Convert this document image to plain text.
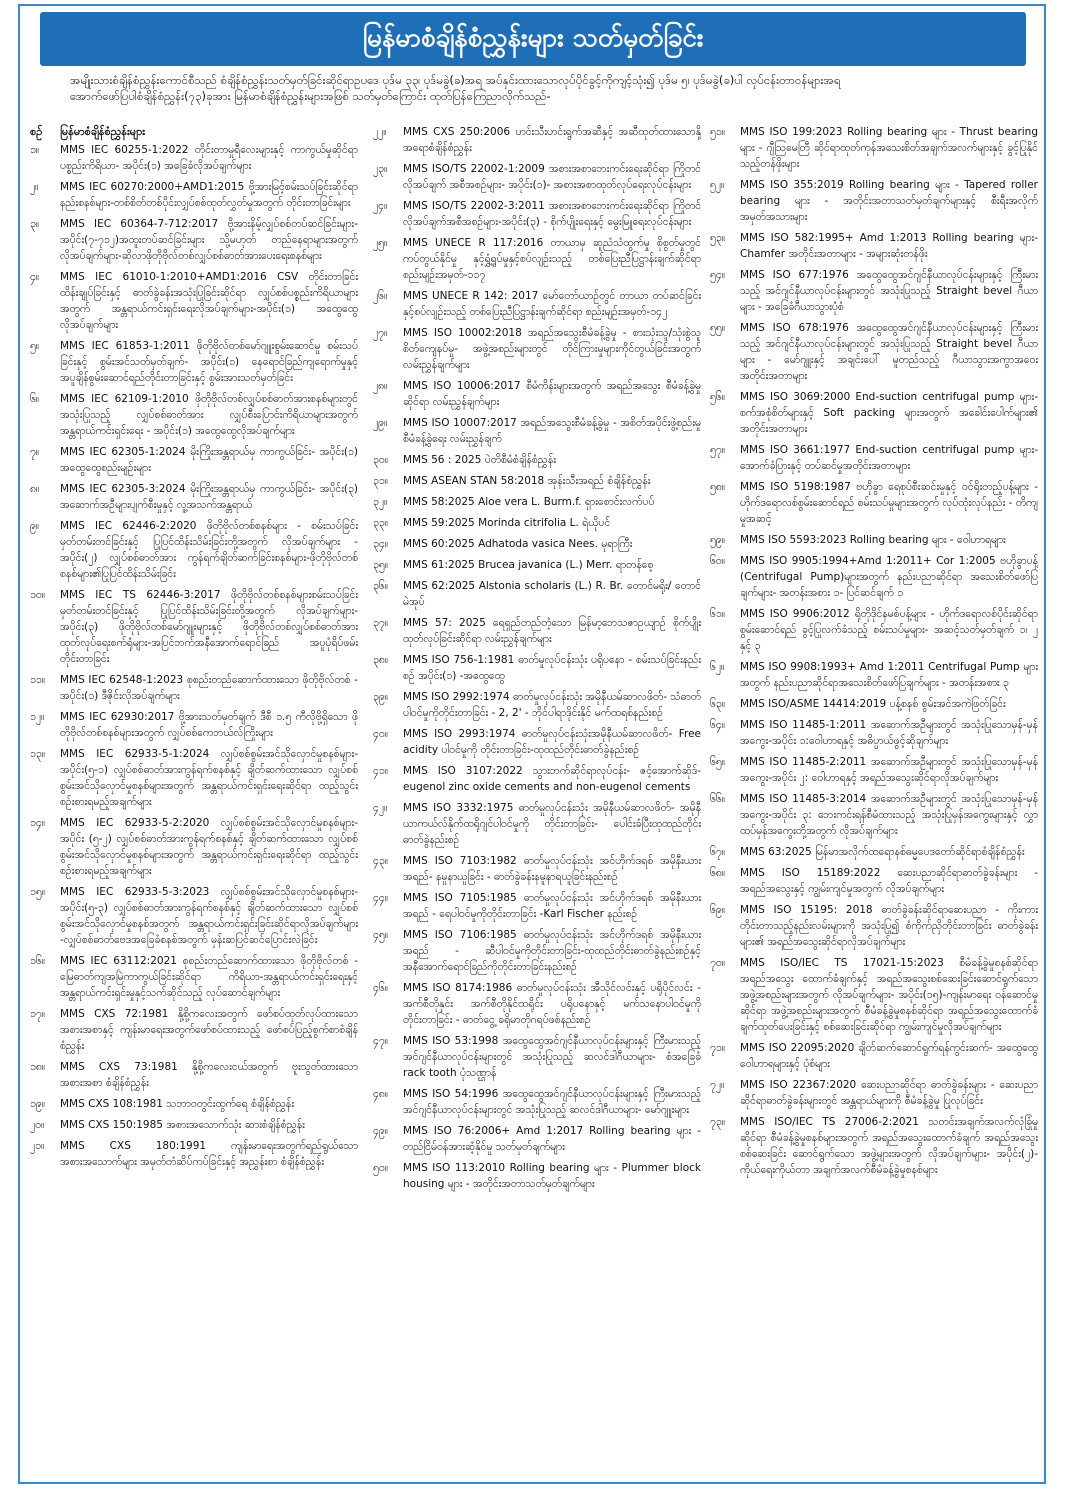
မြန်မာစံချိန်စံညွှန်းများ သတ်မှတ်ခြင်း

အမျိုးသားစံချိန်စံညွှန်းကောင်စီသည် စံချိန်စံညွှန်းသတ်မှတ်ခြင်းဆိုင်ရာဥပဒေ ပုဒ်မ ၃၃၊ ပုဒ်မခွဲ(ခ)အရ အပ်နှင်းထားသောလုပ်ပိုင်ခွင့်ကိုကျင့်သုံး၍ ပုဒ်မ ၅၊ ပုဒ်မခွဲ(ခ)ပါ လုပ်ငန်းတာဝန်များအရ

အောက်ဖော်ပြပါစံချိန်စံညွှန်း(၇၃)ခုအား မြန်မာစံချိန်စံညွှန်းများအဖြစ် သတ်မှတ်ကြောင်း ထုတ်ပြန်ကြေညာလိုက်သည်-

စဉ်	မြန်မာစံချိန်စံညွှန်းများ
၁။	MMS IEC 60255-1:2022 တိုင်းတာမှုရီလေးများနှင့် ကာကွယ်မှုဆိုင်ရာပစ္စည်းကိရိယာ- အပိုင်း(၁) အခြေခံလိုအပ်ချက်များ
၂။	MMS IEC 60270:2000+AMD1:2015 ဗို့အားမြင့်စမ်းသပ်ခြင်းဆိုင်ရာနည်းစနစ်များ-တစ်စိတ်တစ်ပိုင်းလျှပ်စစ်ထုတ်လွှတ်မှုအတွက် တိုင်းတာခြင်းများ
၃။	MMS IEC 60364-7-712:2017 ဗို့အားနိမ့်လျှပ်စစ်တပ်ဆင်ခြင်းများ- အပိုင်း(၇-၇၁၂)အထူးတပ်ဆင်ခြင်းများ သို့မဟုတ် တည်နေရာများအတွက် လိုအပ်ချက်များ-ဆိုလာဖိုတိုဗိုလ်တစ်လျှပ်စစ်ဓာတ်အားပေးရေးစနစ်များ
၄။	MMS IEC 61010-1:2010+AMD1:2016 CSV တိုင်းတာခြင်း ထိန်းချုပ်ခြင်းနှင့် ဓာတ်ခွဲခန်းအသုံးပြုခြင်းဆိုင်ရာ လျှပ်စစ်ပစ္စည်းကိရိယာများအတွက် အန္တရာယ်ကင်းရှင်းရေးလိုအပ်ချက်များ-အပိုင်း(၁) အထွေထွေလိုအပ်ချက်များ
၅။	MMS IEC 61853-1:2011 ဖိုတိုဗိုလ်တစ်မော်ဂျူးစွမ်းဆောင်မှု စမ်းသပ်ခြင်းနှင့် စွမ်းအင်သတ်မှတ်ချက်- အပိုင်း(၁) နေရောင်ခြည်ကျရောက်မှုနှင့် အပူချိန်စွမ်းဆောင်ရည်တိုင်းတာခြင်းနှင့် စွမ်းအားသတ်မှတ်ခြင်း
၆။	MMS IEC 62109-1:2010 ဖိုတိုဗိုလ်တစ်လျှပ်စစ်ဓာတ်အားစနစ်များတွင် အသုံးပြုသည့် လျှပ်စစ်ဓာတ်အား လျှပ်စီးပြောင်းကိရိယာများအတွက် အန္တရာယ်ကင်းရှင်းရေး - အပိုင်း(၁) အထွေထွေလိုအပ်ချက်များ
၇။	MMS IEC 62305-1:2024 မိုးကြိုးအန္တရာယ်မှ ကာကွယ်ခြင်း- အပိုင်း(၁) အထွေထွေစည်းမျဉ်းများ
၈။	MMS IEC 62305-3:2024 မိုးကြိုးအန္တရာယ်မှ ကာကွယ်ခြင်း- အပိုင်း(၃) အဆောက်အဦများပျက်စီးမှုနှင့် လူ့အသက်အန္တရာယ်
၉။	MMS IEC 62446-2:2020 ဖိုတိုဗိုလ်တစ်စနစ်များ - စမ်းသပ်ခြင်း မှတ်တမ်းတင်ခြင်းနှင့် ပြုပြင်ထိန်းသိမ်းခြင်းတို့အတွက် လိုအပ်ချက်များ - အပိုင်း(၂) လျှပ်စစ်ဓာတ်အား ကွန်ရက်ချိတ်ဆက်ခြင်းစနစ်များ-ဖိုတိုဗိုလ်တစ်စနစ်များ၏ပြုပြင်ထိန်းသိမ်းခြင်း
၁၀။	MMS IEC TS 62446-3:2017 ဖိုတိုဗိုလ်တစ်စနစ်များစမ်းသပ်ခြင်း မှတ်တမ်းတင်ခြင်းနှင့် ပြုပြင်ထိန်းသိမ်းခြင်းတို့အတွက် လိုအပ်ချက်များ- အပိုင်း(၃) ဖိုတိုဗိုလ်တစ်မော်ဂျူးများနှင့် ဖိုတိုဗိုလ်တစ်လျှပ်စစ်ဓာတ်အား ထုတ်လုပ်ရေးစက်ရုံများ-အပြင်ဘက်အနီအောက်ရောင်ခြည် အပူပုံရိပ်ဖမ်းတိုင်းတာခြင်း
၁၁။	MMS IEC 62548-1:2023 စုစည်းတည်ဆောက်ထားသော ဖိုတိုဗိုလ်တစ် - အပိုင်း(၁) ဒီဇိုင်းလိုအပ်ချက်များ
၁၂။	MMS IEC 62930:2017 ဗို့အားသတ်မှတ်ချက် ဒီစီ ၁.၅ ကီလိုဗို့ရှိသော ဖိုတိုဗိုလ်တစ်စနစ်များအတွက် လျှပ်စစ်ကေဘယ်လ်ကြိုးများ
၁၃။	MMS IEC 62933-5-1:2024 လျှပ်စစ်စွမ်းအင်သိုလှောင်မှုစနစ်များ- အပိုင်း(၅-၁) လျှပ်စစ်ဓာတ်အားကွန်ရက်စနစ်နှင့် ချိတ်ဆက်ထားသော လျှပ်စစ်စွမ်းအင်သိုလှောင်မှုစနစ်များအတွက် အန္တရာယ်ကင်းရှင်းရေးဆိုင်ရာ ထည့်သွင်းစဉ်းစားရမည့်အချက်များ
၁၄။	MMS IEC 62933-5-2:2020 လျှပ်စစ်စွမ်းအင်သိုလှောင်မှုစနစ်များ- အပိုင်း (၅-၂) လျှပ်စစ်ဓာတ်အားကွန်ရက်စနစ်နှင့် ချိတ်ဆက်ထားသော လျှပ်စစ်စွမ်းအင်သိုလှောင်မှုစနစ်များအတွက် အန္တရာယ်ကင်းရှင်းရေးဆိုင်ရာ ထည့်သွင်းစဉ်းစားရမည့်အချက်များ
၁၅။	MMS IEC 62933-5-3:2023 လျှပ်စစ်စွမ်းအင်သိုလှောင်မှုစနစ်များ-အပိုင်း(၅-၃) လျှပ်စစ်ဓာတ်အားကွန်ရက်စနစ်နှင့် ချိတ်ဆက်ထားသော လျှပ်စစ်စွမ်းအင်သိုလှောင်မှုစနစ်အတွက် အန္တရာယ်ကင်းရှင်းခြင်းဆိုင်ရာလိုအပ်ချက်များ -လျှပ်စစ်ဓာတ်ဗေဒအခြေခံစနစ်အတွက် မှန်းဆပြင်ဆင်ပြောင်းလဲခြင်း
၁၆။	MMS IEC 63112:2021 စုစည်းတည်ဆောက်ထားသော ဖိုတိုဗိုလ်တစ် - မြေဓာတ်ကျအမြဲကာကွယ်ခြင်းဆိုင်ရာ ကိရိယာ-အန္တရာယ်ကင်းရှင်းရေးနှင့် အန္တရာယ်ကင်းရှင်းမှုနှင့်သက်ဆိုင်သည့် လုပ်ဆောင်ချက်များ
၁၇။	MMS CXS 72:1981 နို့စို့ကလေးအတွက် ဖော်စပ်ထုတ်လုပ်ထားသောအစားအစာနှင့် ကျန်းမာရေးအတွက်ဖော်စပ်ထားသည့် ဖော်စပ်ပြည့်စွက်စာစံချိန်စံညွှန်း
၁၈။	MMS CXS 73:1981 နို့စို့ကလေးငယ်အတွက် ဗူးသွတ်ထားသော အစားအစာ စံချိန်စံညွှန်း
၁၉။	MMS CXS 108:1981 သဘာဝတွင်းထွက်ရေ စံချိန်စံညွှန်း
၂၀။	MMS CXS 150:1985 အစားအသောက်သုံး ဆားစံချိန်စံညွှန်း
၂၁။	MMS CXS 180:1991 ကျန်းမာရေးအတွက်ရည်ရွယ်သော အစားအသောက်များ အမှတ်တံဆိပ်ကပ်ခြင်းနှင့် အညွှန်းစာ စံချိန်စံညွှန်း
၂၂။	MMS CXS 250:2006 ဟင်းသီးဟင်းရွက်အဆီနှင့် အဆီထုတ်ထားသောနို့အရောစံချိန်စံညွှန်း
၂၃။	MMS ISO/TS 22002-1:2009 အစားအစာဘေးကင်းရေးဆိုင်ရာ ကြိုတင်လိုအပ်ချက် အစီအစဉ်များ- အပိုင်း(၁)- အစားအစာထုတ်လုပ်ရေးလုပ်ငန်းများ
၂၄။	MMS ISO/TS 22002-3:2011 အစားအစာဘေးကင်းရေးဆိုင်ရာ ကြိုတင်လိုအပ်ချက်အစီအစဉ်များ-အပိုင်း(၃) - စိုက်ပျိုးရေးနှင့် မွေးမြူရေးလုပ်ငန်းများ
၂၅။	MMS UNECE R 117:2016 တာယာမှ ဆူညံသံထွက်မှု စိုစွတ်မှုတွင် ကပ်တွယ်နိုင်မှု နှင့်ရွှံ့ရှုပ်မှုနှင့်စပ်လျဉ်းသည့် တစ်ပြေးညီပြဋ္ဌာန်းချက်ဆိုင်ရာ စည်းမျဉ်းအမှတ်-၁၁၇
၂၆။	MMS UNECE R 142: 2017 မော်တော်ယာဉ်တွင် တာယာ တပ်ဆင်ခြင်းနှင့်စပ်လျဉ်းသည့် တစ်ပြေးညီပြဋ္ဌာန်းချက်ဆိုင်ရာ စည်းမျဉ်းအမှတ်-၁၄၂
၂၇။	MMS ISO 10002:2018 အရည်အသွေးစီမံခန့်ခွဲမှု - စားသုံးသူ/သုံးစွဲသူစိတ်ကျေနပ်မှု- အဖွဲ့အစည်းများတွင် တိုင်ကြားမှုများကိုင်တွယ်ခြင်းအတွက် လမ်းညွှန်ချက်များ
၂၈။	MMS ISO 10006:2017 စီမံကိန်းများအတွက် အရည်အသွေး စီမံခန့်ခွဲမှုဆိုင်ရာ လမ်းညွှန်ချက်များ
၂၉။	MMS ISO 10007:2017 အရည်အသွေးစီမံခန့်ခွဲမှု - အစိတ်အပိုင်းဖွဲ့စည်းမှုစီမံခန့်ခွဲရေး လမ်းညွှန်ချက်
၃၀။	MMS 56 : 2025 ပဲတိစီမံစံချိန်စံညွှန်း
၃၁။	MMS ASEAN STAN 58:2018 အုန်းသီးအရည် စံချိန်စံညွှန်း
၃၂။	MMS 58:2025 Aloe vera L. Burm.f. ရှားစောင်းလက်ပပ်
၃၃။	MMS 59:2025 Morinda citrifolia L. ရဲယိုပင်
၃၄။	MMS 60:2025 Adhatoda vasica Nees. မုရာကြီး
၃၅။	MMS 61:2025 Brucea javanica (L.) Merr. ရာတန်စေ့
၃၆။	MMS 62:2025 Alstonia scholaris (L.) R. Br. တောင်မရိုး/ တောင်မဲအုပ်
၃၇။	MMS 57: 2025 ရေရှည်တည်တံ့သော မြန်မာ့ဘေသဇာဥယျာဉ် စိုက်ပျိုးထုတ်လုပ်ခြင်းဆိုင်ရာ လမ်းညွှန်ချက်များ
၃၈။	MMS ISO 756-1:1981 ဓာတ်မှုလုပ်ငန်းသုံး ပရိုပနော - စမ်းသပ်ခြင်းနည်းစဉ် အပိုင်း(၁) -အထွေထွေ
၃၉။	MMS ISO 2992:1974 ဓာတ်မှုလုပ်ငန်းသုံး အမိုနီယမ်ဆာလဖိတ်- သံဓာတ်ပါဝင်မှုကိုတိုင်းတာခြင်း - 2, 2' - ဘိုင်ပါရာဒိုင်းနိုင် မက်ထရစ်နည်းစဉ်
၄၀။	MMS ISO 2993:1974 ဓာတ်မှုလုပ်ငန်းသုံးအမိုနီယမ်ဆာလဖိတ်- Free acidity ပါဝင်မှုကို တိုင်းတာခြင်း-ထုထည်တိုင်းဓာတ်ခွဲနည်းစဉ်
၄၁။	MMS ISO 3107:2022 သွားဘက်ဆိုင်ရာလုပ်ငန်း- ဇင့်အောက်ဆိုဒ်-eugenol zinc oxide cements and non-eugenol cements
၄၂။	MMS ISO 3332:1975 ဓာတ်မှုလုပ်ငန်းသုံး အမိုနီယမ်ဆာလဖိတ်- အမိုနီယာကယ်လ်နိုက်ထရိုဂျင်ပါဝင်မှုကို တိုင်းတာခြင်း- ပေါင်းခံပြီးထုထည်တိုင်းဓာတ်ခွဲနည်းစဉ်
၄၃။	MMS ISO 7103:1982 ဓာတ်မှုလုပ်ငန်းသုံး အင်ဟိုက်ဒရစ် အမိုနီးယားအရည်- နမူနာယူခြင်း - ဓာတ်ခွဲခန်းနမူနာရယူခြင်းနည်းစဉ်
၄၄။	MMS ISO 7105:1985 ဓာတ်မှုလုပ်ငန်းသုံး အင်ဟိုက်ဒရစ် အမိုနီးယားအရည် - ရေပါဝင်မှုကိုတိုင်းတာခြင်း -Karl Fischer နည်းစဉ်
၄၅။	MMS ISO 7106:1985 ဓာတ်မှုလုပ်ငန်းသုံး အင်ဟိုက်ဒရစ် အမိုနီးယားအရည် - ဆီပါဝင်မှုကိုတိုင်းတာခြင်း-ထုထည်တိုင်းဓာတ်ခွဲနည်းစဉ်နှင့် အနီအောက်ရောင်ခြည်ကိုတိုင်းတာခြင်းနည်းစဉ်
၄၆။	MMS ISO 8174:1986 ဓာတ်မှုလုပ်ငန်းသုံး အီသိုင်လင်းနှင့် ပရိုပိုင်လင်း - အက်စီတိုနှင်း အက်စီတိုနိုင်ထရိုင်း ပရိုပနောနှင့် မက်သနောပါဝင်မှုကိုတိုင်းတာခြင်း - ဓာတ်ငွေ့ ခရိုမာတိုဂရပ်ဖစ်နည်းစဉ်
၄၇။	MMS ISO 53:1998 အထွေထွေအင်ဂျင်နီယာလုပ်ငန်းများနှင့် ကြီးမားသည့် အင်ဂျင်နီယာလုပ်ငန်းများတွင် အသုံးပြုသည့် ဆလင်ဒါဂီယာများ- စံအခြေခံ rack tooth ပုံသဏ္ဌာန်
၄၈။	MMS ISO 54:1996 အထွေထွေအင်ဂျင်နီယာလုပ်ငန်းများနှင့် ကြီးမားသည့် အင်ဂျင်နီယာလုပ်ငန်းများတွင် အသုံးပြုသည့် ဆလင်ဒါဂီယာများ- မော်ဂျူးများ
၄၉။	MMS ISO 76:2006+ Amd 1:2017 Rolling bearing များ - တည်ငြိမ်ဝန်အားဆံ့နိုင်မှု သတ်မှတ်ချက်များ
၅၀။	MMS ISO 113:2010 Rolling bearing များ - Plummer block housing များ - အတိုင်းအတာသတ်မှတ်ချက်များ
၅၁။	MMS ISO 199:2023 Rolling bearing များ - Thrust bearing များ - ဂျီဩမေတြီ ဆိုင်ရာထုတ်ကုန်အသေးစိတ်အချက်အလက်များနှင့် ခွင့်ပြုနိုင်သည့်တန်ဖိုးများ
၅၂။	MMS ISO 355:2019 Rolling bearing များ - Tapered roller bearing များ - အတိုင်းအတာသတ်မှတ်ချက်များနှင့် စီးရီးအလိုက်အမှတ်အသားများ
၅၃။	MMS ISO 582:1995+ Amd 1:2013 Rolling bearing များ- Chamfer အတိုင်းအတာများ - အများဆုံးတန်ဖိုး
၅၄။	MMS ISO 677:1976 အထွေထွေအင်ဂျင်နီယာလုပ်ငန်းများနှင့် ကြီးမားသည့် အင်ဂျင်နီယာလုပ်ငန်းများတွင် အသုံးပြုသည့် Straight bevel ဂီယာများ - အခြေခံဂီယာသွားပုံစံ
၅၅။	MMS ISO 678:1976 အထွေထွေအင်ဂျင်နီယာလုပ်ငန်းများနှင့် ကြီးမားသည့် အင်ဂျင်နီယာလုပ်ငန်းများတွင် အသုံးပြုသည့် Straight bevel ဂီယာများ - မော်ဂျူးနှင့် အချင်းပေါ် မူတည်သည့် ဂီယာသွားအကွာအဝေးအတိုင်းအတာများ
၅၆။	MMS ISO 3069:2000 End-suction centrifugal pump များ- စက်အစုံစိတ်များနှင့် Soft packing များအတွက် အခေါင်းပေါက်များ၏ အတိုင်းအတာများ
၅၇။	MMS ISO 3661:1977 End-suction centrifugal pump များ- အောက်ခံပြားနှင့် တပ်ဆင်မှုအတိုင်းအတာများ
၅၈။	MMS ISO 5198:1987 ဗဟိုခွာ ရေစုပ်စီးဆင်းမှုနှင့် ဝင်ရိုးတည့်ပန့်များ - ဟိုက်ဒရောလစ်စွမ်းဆောင်ရည် စမ်းသပ်မှုများအတွက် လုပ်ထုံးလုပ်နည်း - တိကျမှုအဆင့်
၅၉။	MMS ISO 5593:2023 Rolling bearing များ - ဝေါဟာရများ
၆၀။	MMS ISO 9905:1994+Amd 1:2011+ Cor 1:2005 ဗဟိုခွာပန့် (Centrifugal Pump)များအတွက် နည်းပညာဆိုင်ရာ အသေးစိတ်ဖော်ပြချက်များ- အတန်းအစား ၁- ပြင်ဆင်ချက် ၁
၆၁။	MMS ISO 9906:2012 ရိုတိုဒိုင်နမစ်ပန့်များ - ဟိုက်ဒရောလစ်ပိုင်းဆိုင်ရာ စွမ်းဆောင်ရည် ခွင့်ပြုလက်ခံသည့် စမ်းသပ်မှုများ- အဆင့်သတ်မှတ်ချက် ၁၊ ၂ နှင့် ၃
၆၂။	MMS ISO 9908:1993+ Amd 1:2011 Centrifugal Pump များအတွက် နည်းပညာဆိုင်ရာအသေးစိတ်ဖော်ပြချက်များ - အတန်းအစား ၃
၆၃။	MMS ISO/ASME 14414:2019 ပန့်စနစ် စွမ်းအင်အကဲဖြတ်ခြင်း
၆၄။	MMS ISO 11485-1:2011 အဆောက်အဦများတွင် အသုံးပြုသောမှန်-မှန်အကွေး-အပိုင်း ၁:ဝေါဟာရနှင့် အဓိပ္ပာယ်ဖွင့်ဆိုချက်များ
၆၅။	MMS ISO 11485-2:2011 အဆောက်အဦများတွင် အသုံးပြုသောမှန်-မှန်အကွေး-အပိုင်း ၂: ဝေါဟာရနှင့် အရည်အသွေးဆိုင်ရာလိုအပ်ချက်များ
၆၆။	MMS ISO 11485-3:2014 အဆောက်အဦများတွင် အသုံးပြုသောမှန်-မှန်အကွေး-အပိုင်း ၃: ဘေးကင်းရန်စီမံထားသည့် အသုံးပြုမှန်အကွေးများနှင့် လွှာထပ်မှန်အကွေးတို့အတွက် လိုအပ်ချက်များ
၆၇။	MMS 63:2025 မြန်မာအလိုက်ထရောနစ်ဓမ္မပေဒတော်ဆိုင်ရာစံချိန်စံညွှန်း
၆၈။	MMS ISO 15189:2022 ဆေးပညာဆိုင်ရာဓာတ်ခွဲခန်းများ - အရည်အသွေးနှင့် ကျွမ်းကျင်မှုအတွက် လိုအပ်ချက်များ
၆၉။	MMS ISO 15195: 2018 ဓာတ်ခွဲခန်းဆိုင်ရာဆေးပညာ - ကိုးကားတိုင်းတာသည့်နည်းလမ်းများကို အသုံးပြု၍ စံကိုက်ညှိတိုင်းတာခြင်း ဓာတ်ခွဲခန်းများ၏ အရည်အသွေးဆိုင်ရာလိုအပ်ချက်များ
၇၀။	MMS ISO/IEC TS 17021-15:2023 စီမံခန့်ခွဲမှုစနစ်ဆိုင်ရာ အရည်အသွေး ထောက်ခံချက်နှင့် အရည်အသွေးစစ်ဆေးခြင်းဆောင်ရွက်သော အဖွဲ့အစည်းများအတွက် လိုအပ်ချက်များ- အပိုင်း(၁၅)-ကျန်းမာရေး ဝန်ဆောင်မှုဆိုင်ရာ အဖွဲ့အစည်းများအတွက် စီမံခန့်ခွဲမှုစနစ်ဆိုင်ရာ အရည်အသွေးထောက်ခံချက်ထုတ်ပေးခြင်းနှင့် စစ်ဆေးခြင်းဆိုင်ရာ ကျွမ်းကျင်မှုလိုအပ်ချက်များ
၇၁။	MMS ISO 22095:2020 ချိတ်ဆက်ဆောင်ရွက်ရန်ကွင်းဆက်- အထွေထွေဝေါဟာရများနှင့် ပုံစံများ
၇၂။	MMS ISO 22367:2020 ဆေးပညာဆိုင်ရာ ဓာတ်ခွဲခန်းများ - ဆေးပညာဆိုင်ရာဓာတ်ခွဲခန်းများတွင် အန္တရာယ်များကို စီမံခန့်ခွဲမှု ပြုလုပ်ခြင်း
၇၃။	MMS ISO/IEC TS 27006-2:2021 သတင်းအချက်အလက်လုံခြုံမှုဆိုင်ရာ စီမံခန့်ခွဲမှုစနစ်များအတွက် အရည်အသွေးထောက်ခံချက် အရည်အသွေးစစ်ဆေးခြင်း ဆောင်ရွက်သော အဖွဲ့များအတွက် လိုအပ်ချက်များ- အပိုင်း(၂)- ကိုယ်ရေးကိုယ်တာ အချက်အလက်စီမံခန့်ခွဲမှုစနစ်များ
